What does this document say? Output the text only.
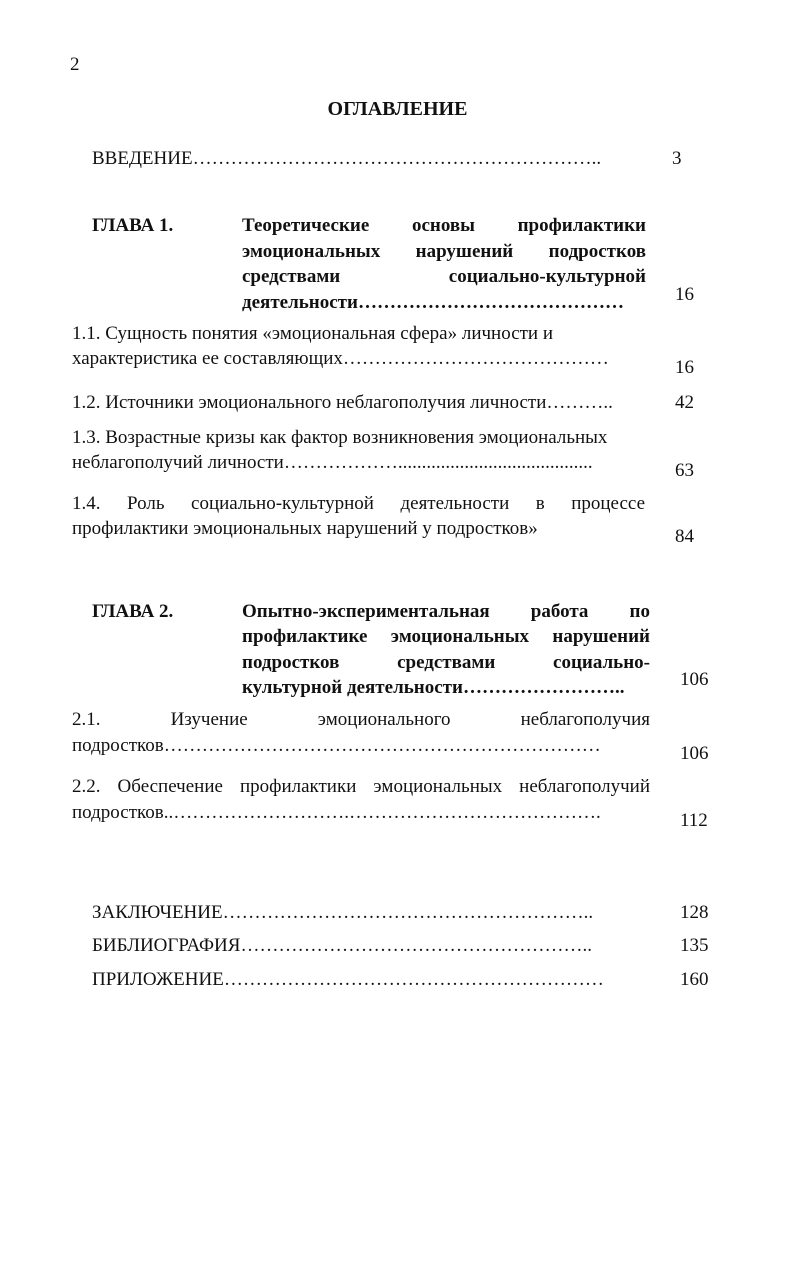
2
ОГЛАВЛЕНИЕ
ВВЕДЕНИЕ………………………………………………………..	3
ГЛАВА 1.	Теоретические основы профилактики
эмоциональных нарушений подростков
средствами социально-культурной
деятельности……………………………………	16
1.1. Сущность понятия «эмоциональная сфера» личности и
характеристика ее составляющих……………………………………	16
1.2. Источники эмоционального неблагополучия личности………..	42
1.3. Возрастные кризы как фактор возникновения эмоциональных
неблагополучий личности……………….........................................	63
1.4. Роль социально-культурной деятельности в процессе
профилактики эмоциональных нарушений у подростков»	84
ГЛАВА 2.	Опытно-экспериментальная работа по
профилактике эмоциональных нарушений
подростков средствами социально-
культурной деятельности……………………..	106
2.1. Изучение эмоционального неблагополучия
подростков……………………………………………………………	106
2.2. Обеспечение профилактики эмоциональных неблагополучий
подростков..……………………….………………………………….	112
ЗАКЛЮЧЕНИЕ…………………………………………………..	128
БИБЛИОГРАФИЯ………………………………………………..	135
ПРИЛОЖЕНИЕ……………………………………………………	160
